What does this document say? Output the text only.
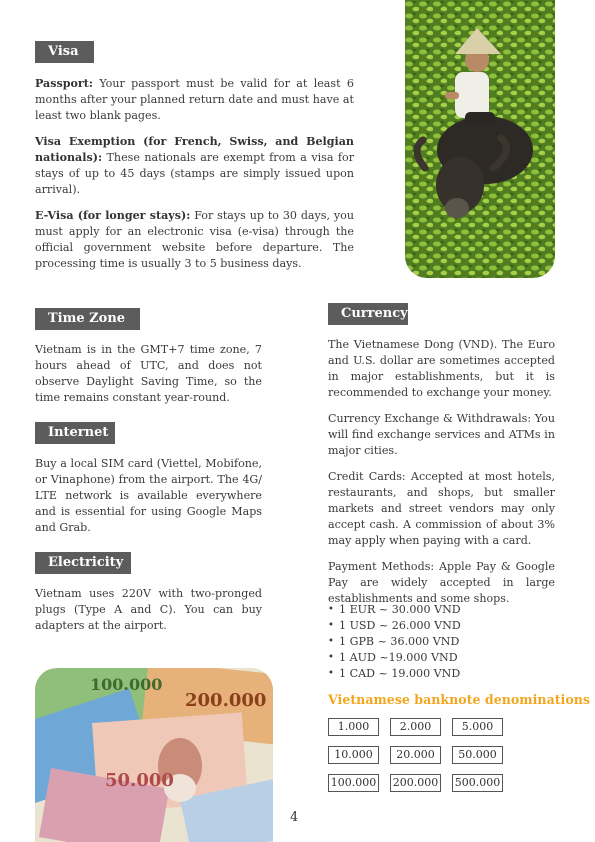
Visa

Passport: Your passport must be valid for at least 6 months after your planned return date and must have at least two blank pages.

Visa Exemption (for French, Swiss, and Belgian nationals): These nationals are exempt from a visa for stays of up to 45 days (stamps are simply issued upon arrival).

E-Visa (for longer stays): For stays up to 30 days, you must apply for an electronic visa (e-visa) through the official government website before departure. The processing time is usually 3 to 5 business days.

Time Zone
Vietnam is in the GMT+7 time zone, 7 hours ahead of UTC, and does not observe Daylight Saving Time, so the time remains constant year-round.
Internet
Buy a local SIM card (Viettel, Mobifone, or Vinaphone) from the airport. The 4G/ LTE network is available everywhere and is essential for using Google Maps and Grab.
Electricity
Vietnam uses 220V with two-pronged plugs (Type A and C). You can buy adapters at the airport.
100.000
200.000
50.000
Currency

The Vietnamese Dong (VND). The Euro and U.S. dollar are sometimes accepted in major establishments, but it is recommended to exchange your money.

Currency Exchange & Withdrawals: You will find exchange services and ATMs in major cities.

Credit Cards: Accepted at most hotels, restaurants, and shops, but smaller markets and street vendors may only accept cash. A commission of about 3% may apply when paying with a card.

Payment Methods: Apple Pay & Google Pay are widely accepted in large establishments and some shops.

• 1 EUR ~ 30.000 VND
• 1 USD ~ 26.000 VND
• 1 GPB ~ 36.000 VND
• 1 AUD ~19.000 VND
• 1 CAD ~ 19.000 VND
Vietnamese banknote denominations
1.000	2.000	5.000
10.000	20.000	50.000
100.000 200.000 500.000
4
